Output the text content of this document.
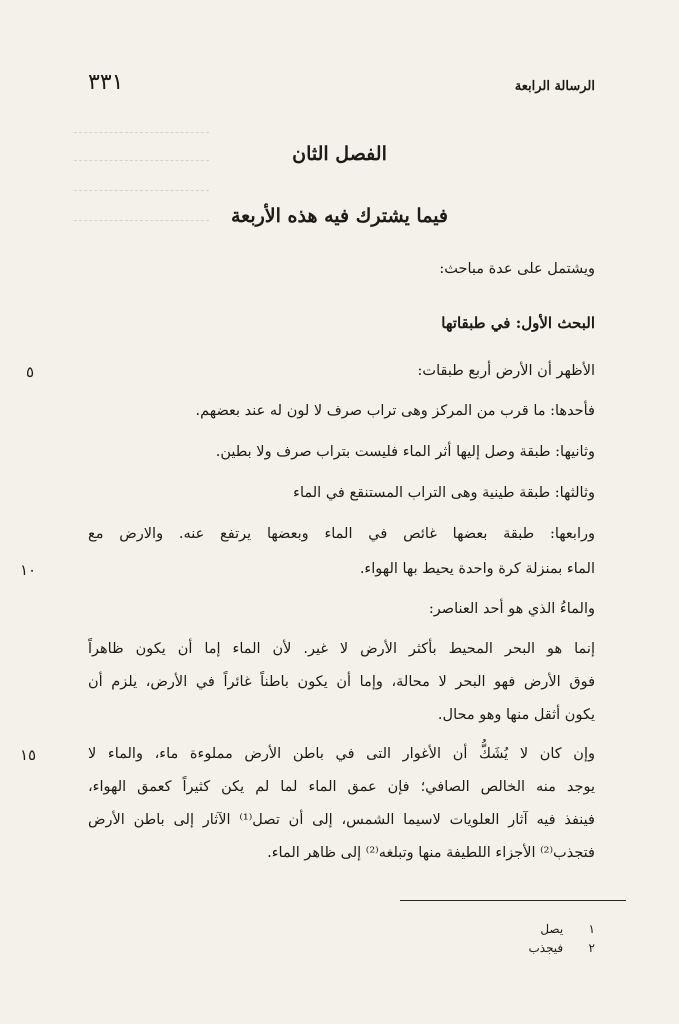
الرسالة الرابعة
٣٣١
الفصل الثان
فيما يشترك فيه هذه الأربعة
ويشتمل على عدة مباحث:
البحث الأول: في طبقاتها
الأظهر أن الأرض أربع طبقات:
فأحدها: ما قرب من المركز وهى تراب صرف لا لون له عند بعضهم.
وثانيها: طبقة وصل إليها أثر الماء فليست بتراب صرف ولا بطين.
وثالثها: طبقة طينية وهى التراب المستنقع في الماء
ورابعها: طبقة بعضها غائص في الماء وبعضها يرتفع عنه. والارض مع
الماء بمنزلة كرة واحدة يحيط بها الهواء.
والماءُ الذي هو أحد العناصر:
إنما هو البحر المحيط بأكثر الأرض لا غير. لأن الماء إما أن يكون ظاهراً
فوق الأرض فهو البحر لا محالة، وإما أن يكون باطناً غائراً في الأرض، يلزم أن
يكون أثقل منها وهو محال.
وإن كان لا يُشَكُّ أن الأغوار التى في باطن الأرض مملوءة ماء، والماء لا
يوجد منه الخالص الصافي؛ فإن عمق الماء لما لم يكن كثيراً كعمق الهواء،
فينفذ فيه آثار العلويات لاسيما الشمس، إلى أن تصل⁽¹⁾ الآثار إلى باطن الأرض
فتجذب⁽²⁾ الأجزاء اللطيفة منها وتبلغه⁽²⁾ إلى ظاهر الماء.
٥
١٠
١٥
١ يصل
٢ فيجذب
